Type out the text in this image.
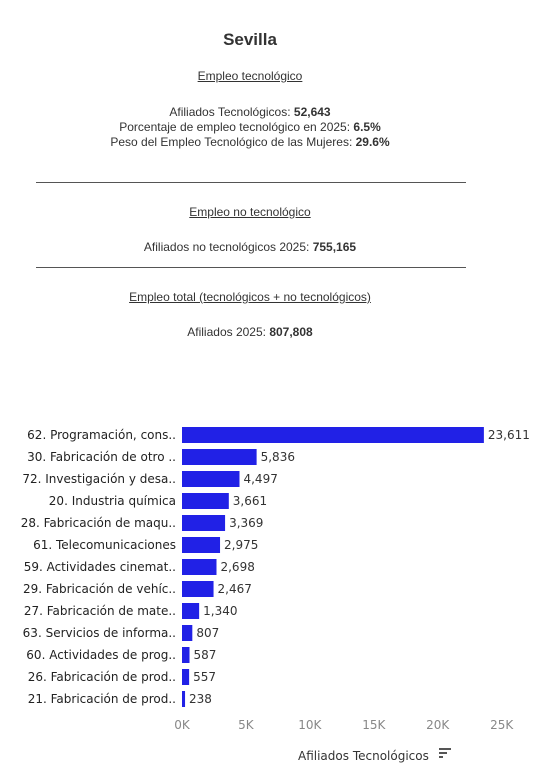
Sevilla
Empleo tecnológico
Afiliados Tecnológicos: 52,643
Porcentaje de empleo tecnológico en 2025: 6.5%
Peso del Empleo Tecnológico de las Mujeres: 29.6%
Empleo no tecnológico
Afiliados no tecnológicos 2025: 755,165
Empleo total (tecnológicos + no tecnológicos)
Afiliados 2025: 807,808
62. Programación, cons..	23,611
30. Fabricación de otro ..	5,836
72. Investigación y desa..	4,497
20. Industria química	3,661
28. Fabricación de maqu..	3,369
61. Telecomunicaciones	2,975
59. Actividades cinemat..	2,698
29. Fabricación de vehíc..	2,467
27. Fabricación de mate.. 1,340
63. Servicios de informa.. 807
60. Actividades de prog.. 587
26. Fabricación de prod.. 557
21. Fabricación de prod.. 238
0K	5K	10K	15K	20K	25K
Afiliados Tecnológicos
